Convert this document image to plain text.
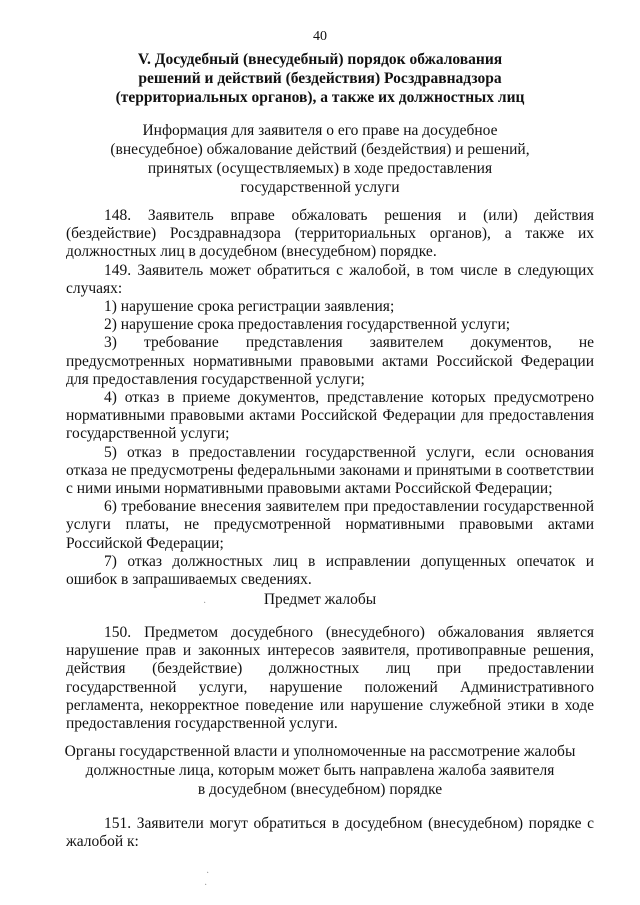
40
V. Досудебный (внесудебный) порядок обжалования
решений и действий (бездействия) Росздравнадзора
(территориальных органов), а также их должностных лиц
Информация для заявителя о его праве на досудебное
(внесудебное) обжалование действий (бездействия) и решений,
принятых (осуществляемых) в ходе предоставления
государственной услуги

148. Заявитель вправе обжаловать решения и (или) действия (бездействие) Росздравнадзора (территориальных органов), а также их должностных лиц в досудебном (внесудебном) порядке.

149. Заявитель может обратиться с жалобой, в том числе в следующих случаях:

1) нарушение срока регистрации заявления;

2) нарушение срока предоставления государственной услуги;

3) требование представления заявителем документов, не предусмотренных нормативными правовыми актами Российской Федерации для предоставления государственной услуги;

4) отказ в приеме документов, представление которых предусмотрено нормативными правовыми актами Российской Федерации для предоставления государственной услуги;

5) отказ в предоставлении государственной услуги, если основания отказа не предусмотрены федеральными законами и принятыми в соответствии с ними иными нормативными правовыми актами Российской Федерации;

6) требование внесения заявителем при предоставлении государственной услуги платы, не предусмотренной нормативными правовыми актами Российской Федерации;

7) отказ должностных лиц в исправлении допущенных опечаток и ошибок в запрашиваемых сведениях.

Предмет жалобы

150. Предметом досудебного (внесудебного) обжалования является нарушение прав и законных интересов заявителя, противоправные решения, действия (бездействие) должностных лиц при предоставлении государственной услуги, нарушение положений Административного регламента, некорректное поведение или нарушение служебной этики в ходе предоставления государственной услуги.

Органы государственной власти и уполномоченные на рассмотрение жалобы
должностные лица, которым может быть направлена жалоба заявителя
в досудебном (внесудебном) порядке

151. Заявители могут обратиться в досудебном (внесудебном) порядке с жалобой к:

·
·
·
